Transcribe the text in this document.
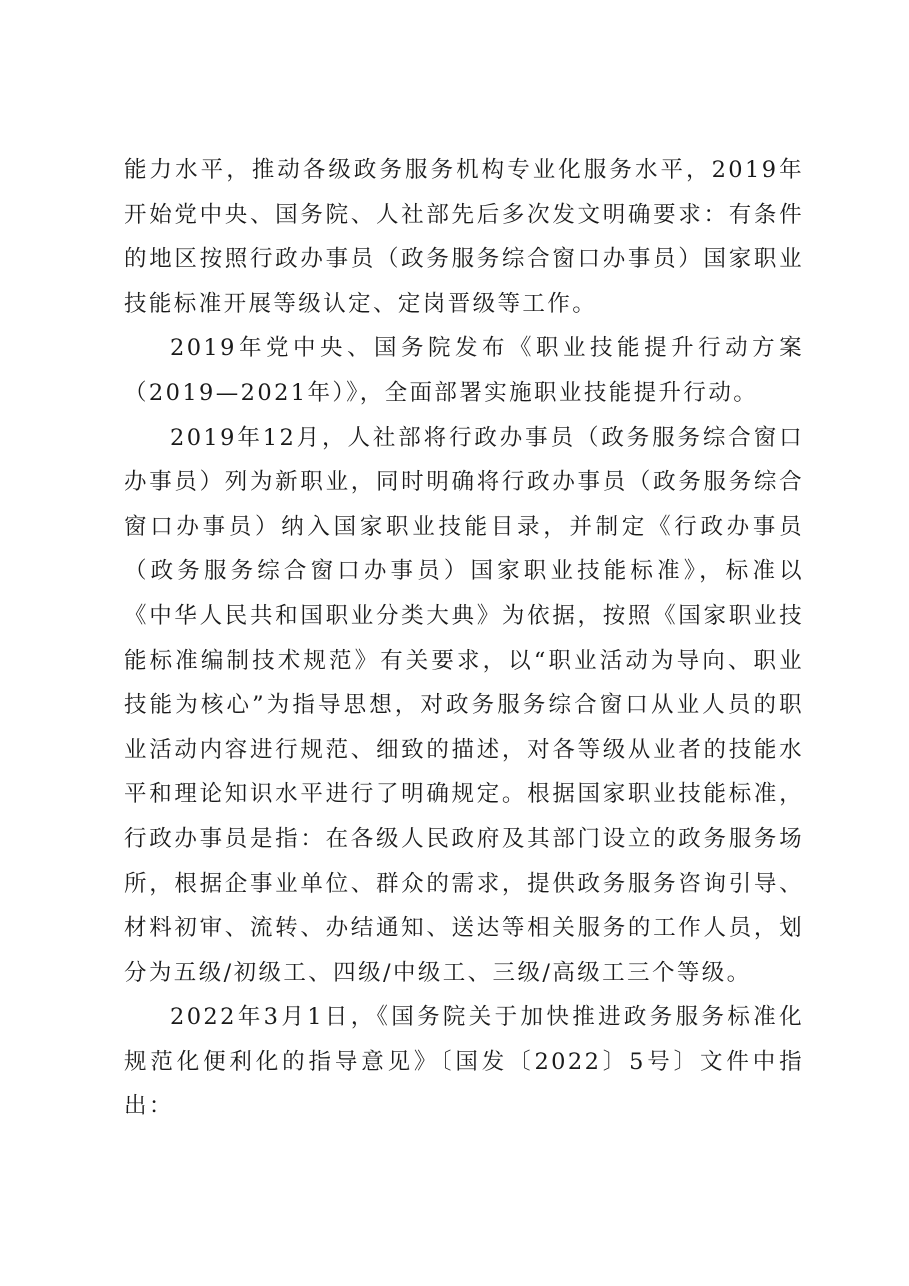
能力水平，推动各级政务服务机构专业化服务水平，2019年开始党中央、国务院、人社部先后多次发文明确要求：有条件的地区按照行政办事员（政务服务综合窗口办事员）国家职业技能标准开展等级认定、定岗晋级等工作。

2019年党中央、国务院发布《职业技能提升行动方案（2019—2021年）》，全面部署实施职业技能提升行动。

2019年12月，人社部将行政办事员（政务服务综合窗口办事员）列为新职业，同时明确将行政办事员（政务服务综合窗口办事员）纳入国家职业技能目录，并制定《行政办事员（政务服务综合窗口办事员）国家职业技能标准》，标准以《中华人民共和国职业分类大典》为依据，按照《国家职业技能标准编制技术规范》有关要求，以“职业活动为导向、职业技能为核心”为指导思想，对政务服务综合窗口从业人员的职业活动内容进行规范、细致的描述，对各等级从业者的技能水平和理论知识水平进行了明确规定。根据国家职业技能标准，行政办事员是指：在各级人民政府及其部门设立的政务服务场所，根据企事业单位、群众的需求，提供政务服务咨询引导、材料初审、流转、办结通知、送达等相关服务的工作人员，划分为五级/初级工、四级/中级工、三级/高级工三个等级。

2022年3月1日，《国务院关于加快推进政务服务标准化规范化便利化的指导意见》〔国发〔2022〕5号〕文件中指出：
